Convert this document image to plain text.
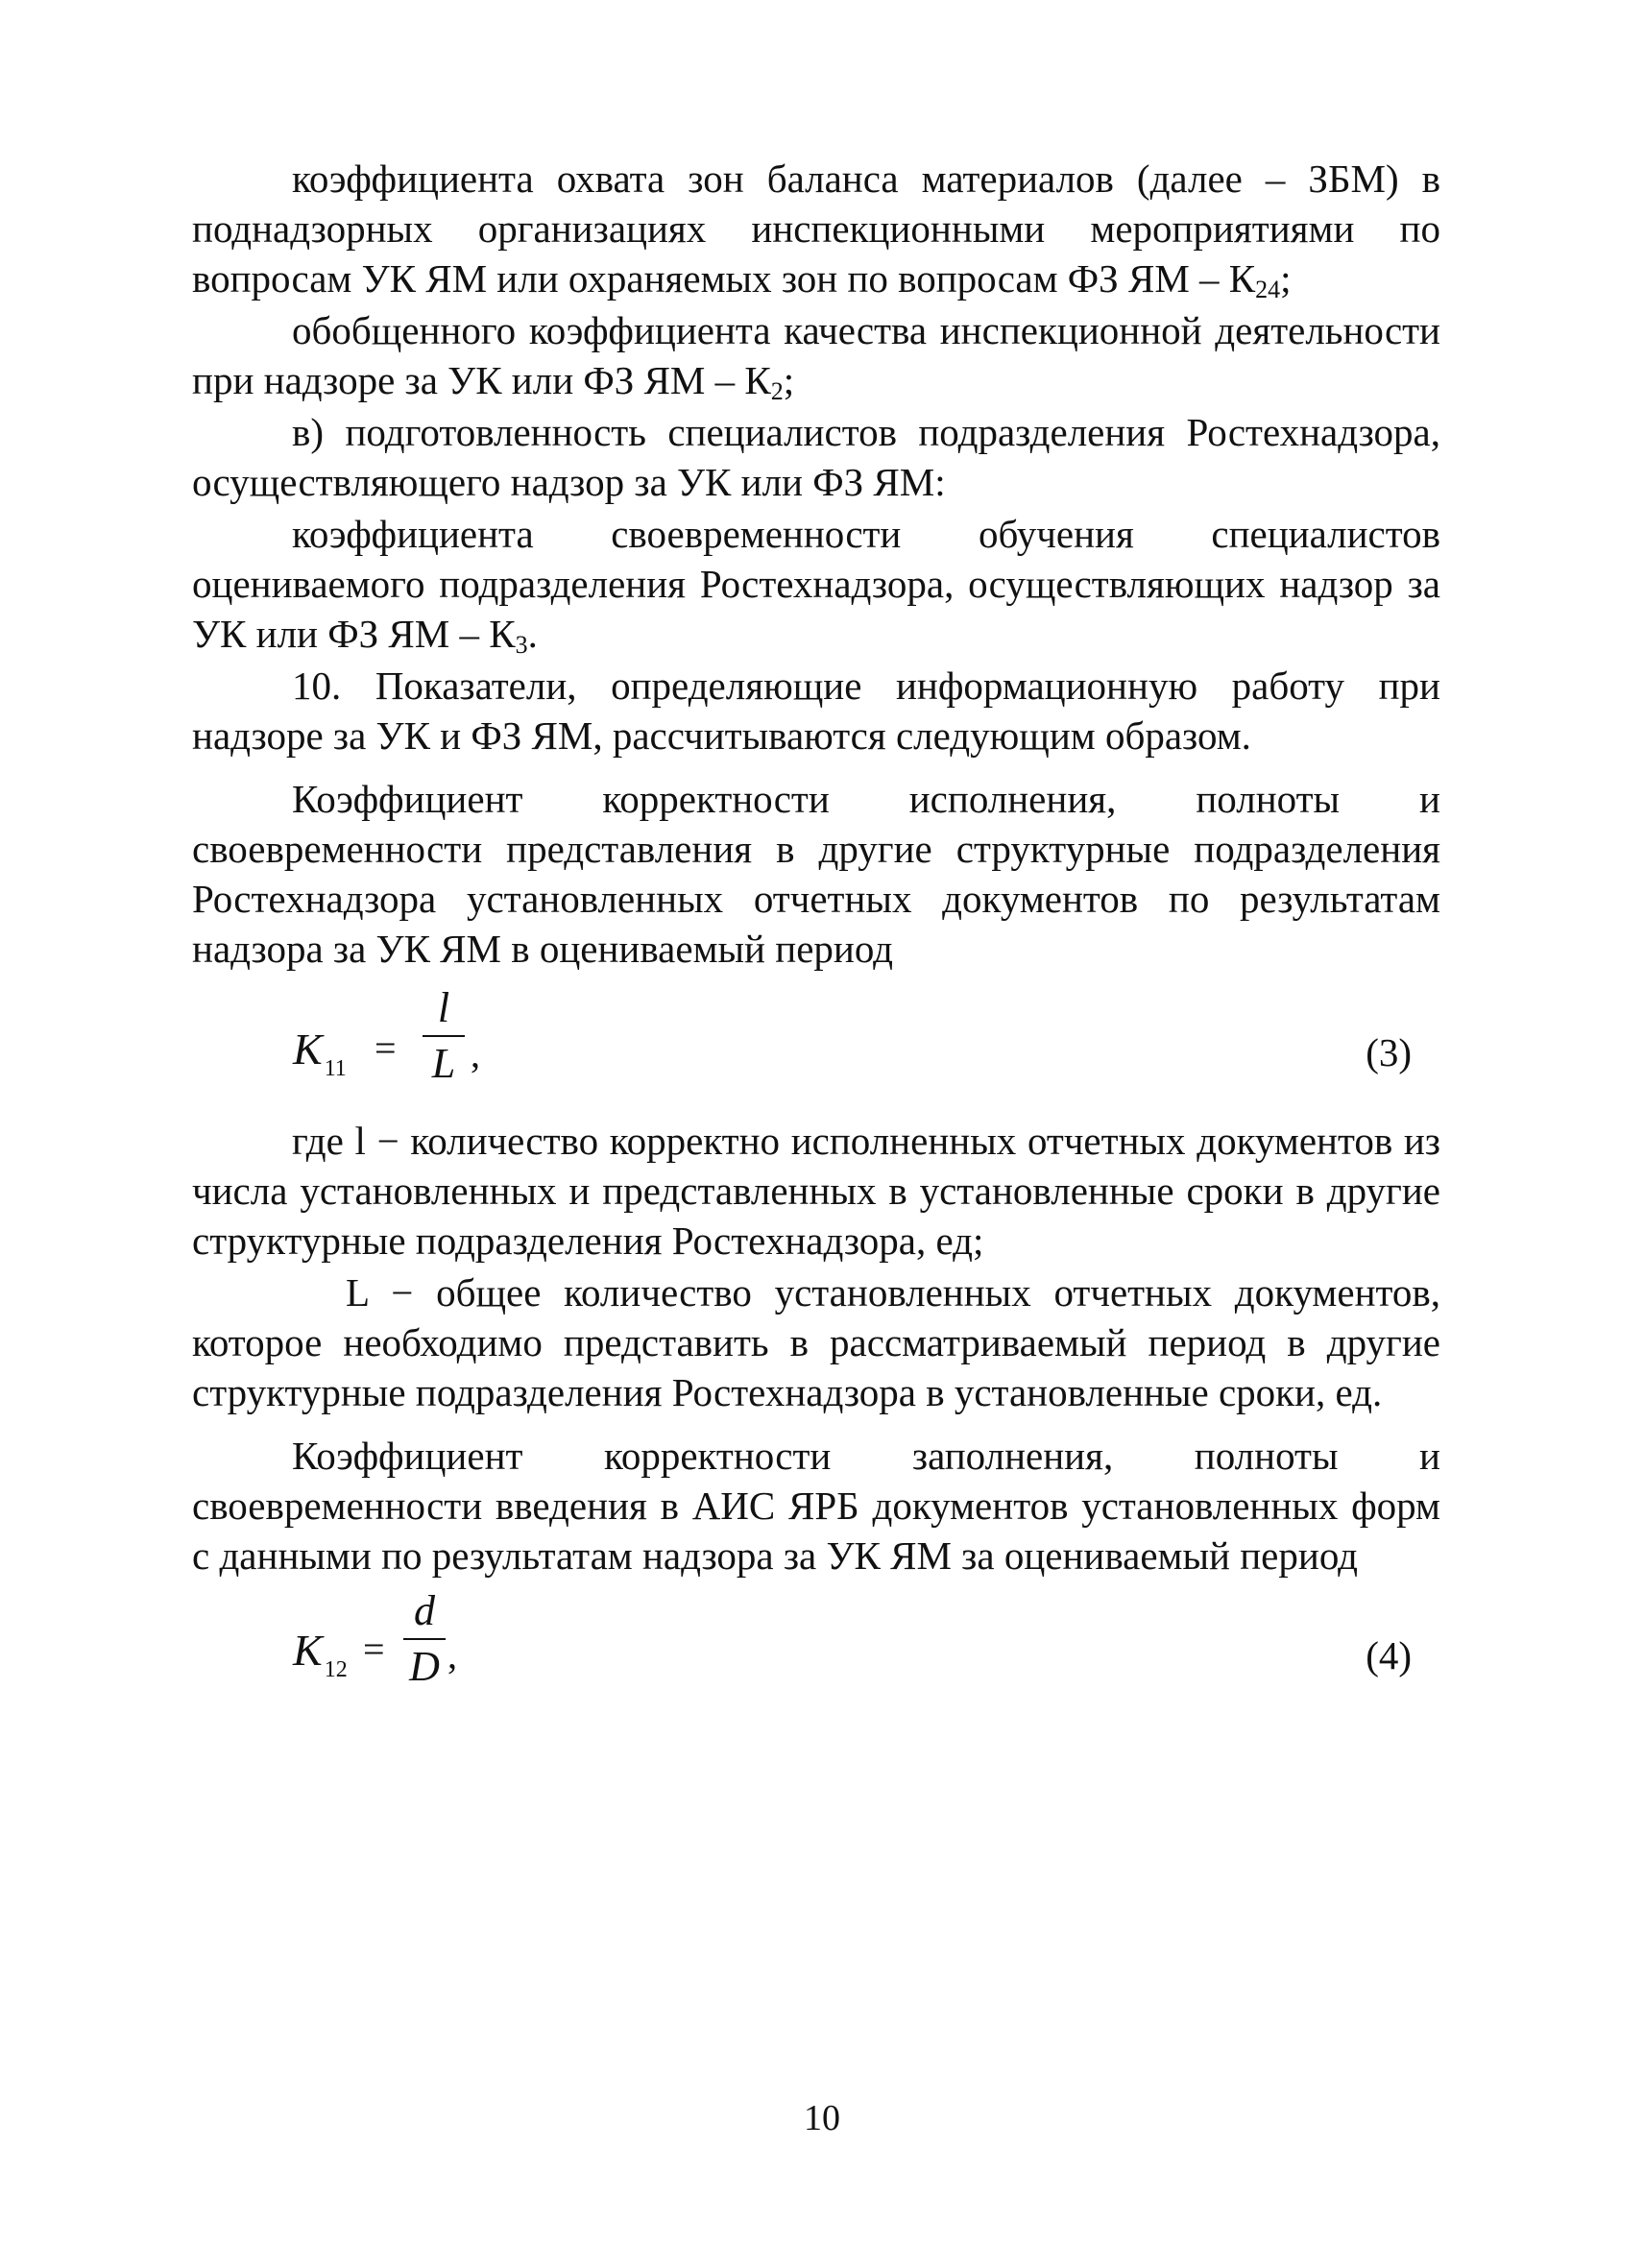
коэффициента охвата зон баланса материалов (далее – ЗБМ) в поднадзорных организациях инспекционными мероприятиями по вопросам УК ЯМ или охраняемых зон по вопросам ФЗ ЯМ – $К_{24}$;

обобщенного коэффициента качества инспекционной деятельности при надзоре за УК или ФЗ ЯМ – $К_2$;

в) подготовленность специалистов подразделения Ростехнадзора, осуществляющего надзор за УК или ФЗ ЯМ:

коэффициента своевременности обучения специалистов оцениваемого подразделения Ростехнадзора, осуществляющих надзор за УК или ФЗ ЯМ – $К_3$.

10. Показатели, определяющие информационную работу при надзоре за УК и ФЗ ЯМ, рассчитываются следующим образом.

Коэффициент корректности исполнения, полноты и своевременности представления в другие структурные подразделения Ростехнадзора установленных отчетных документов по результатам надзора за УК ЯМ в оцениваемый период

$K_{11}$ =
l
L ,	(3)

где l − количество корректно исполненных отчетных документов из числа установленных и представленных в установленные сроки в другие структурные подразделения Ростехнадзора, ед;

L − общее количество установленных отчетных документов, которое необходимо представить в рассматриваемый период в другие структурные подразделения Ростехнадзора в установленные сроки, ед.

Коэффициент корректности заполнения, полноты и своевременности введения в АИС ЯРБ документов установленных форм с данными по результатам надзора за УК ЯМ за оцениваемый период

$K_{12}$ =
d
D ,	(4)
10
